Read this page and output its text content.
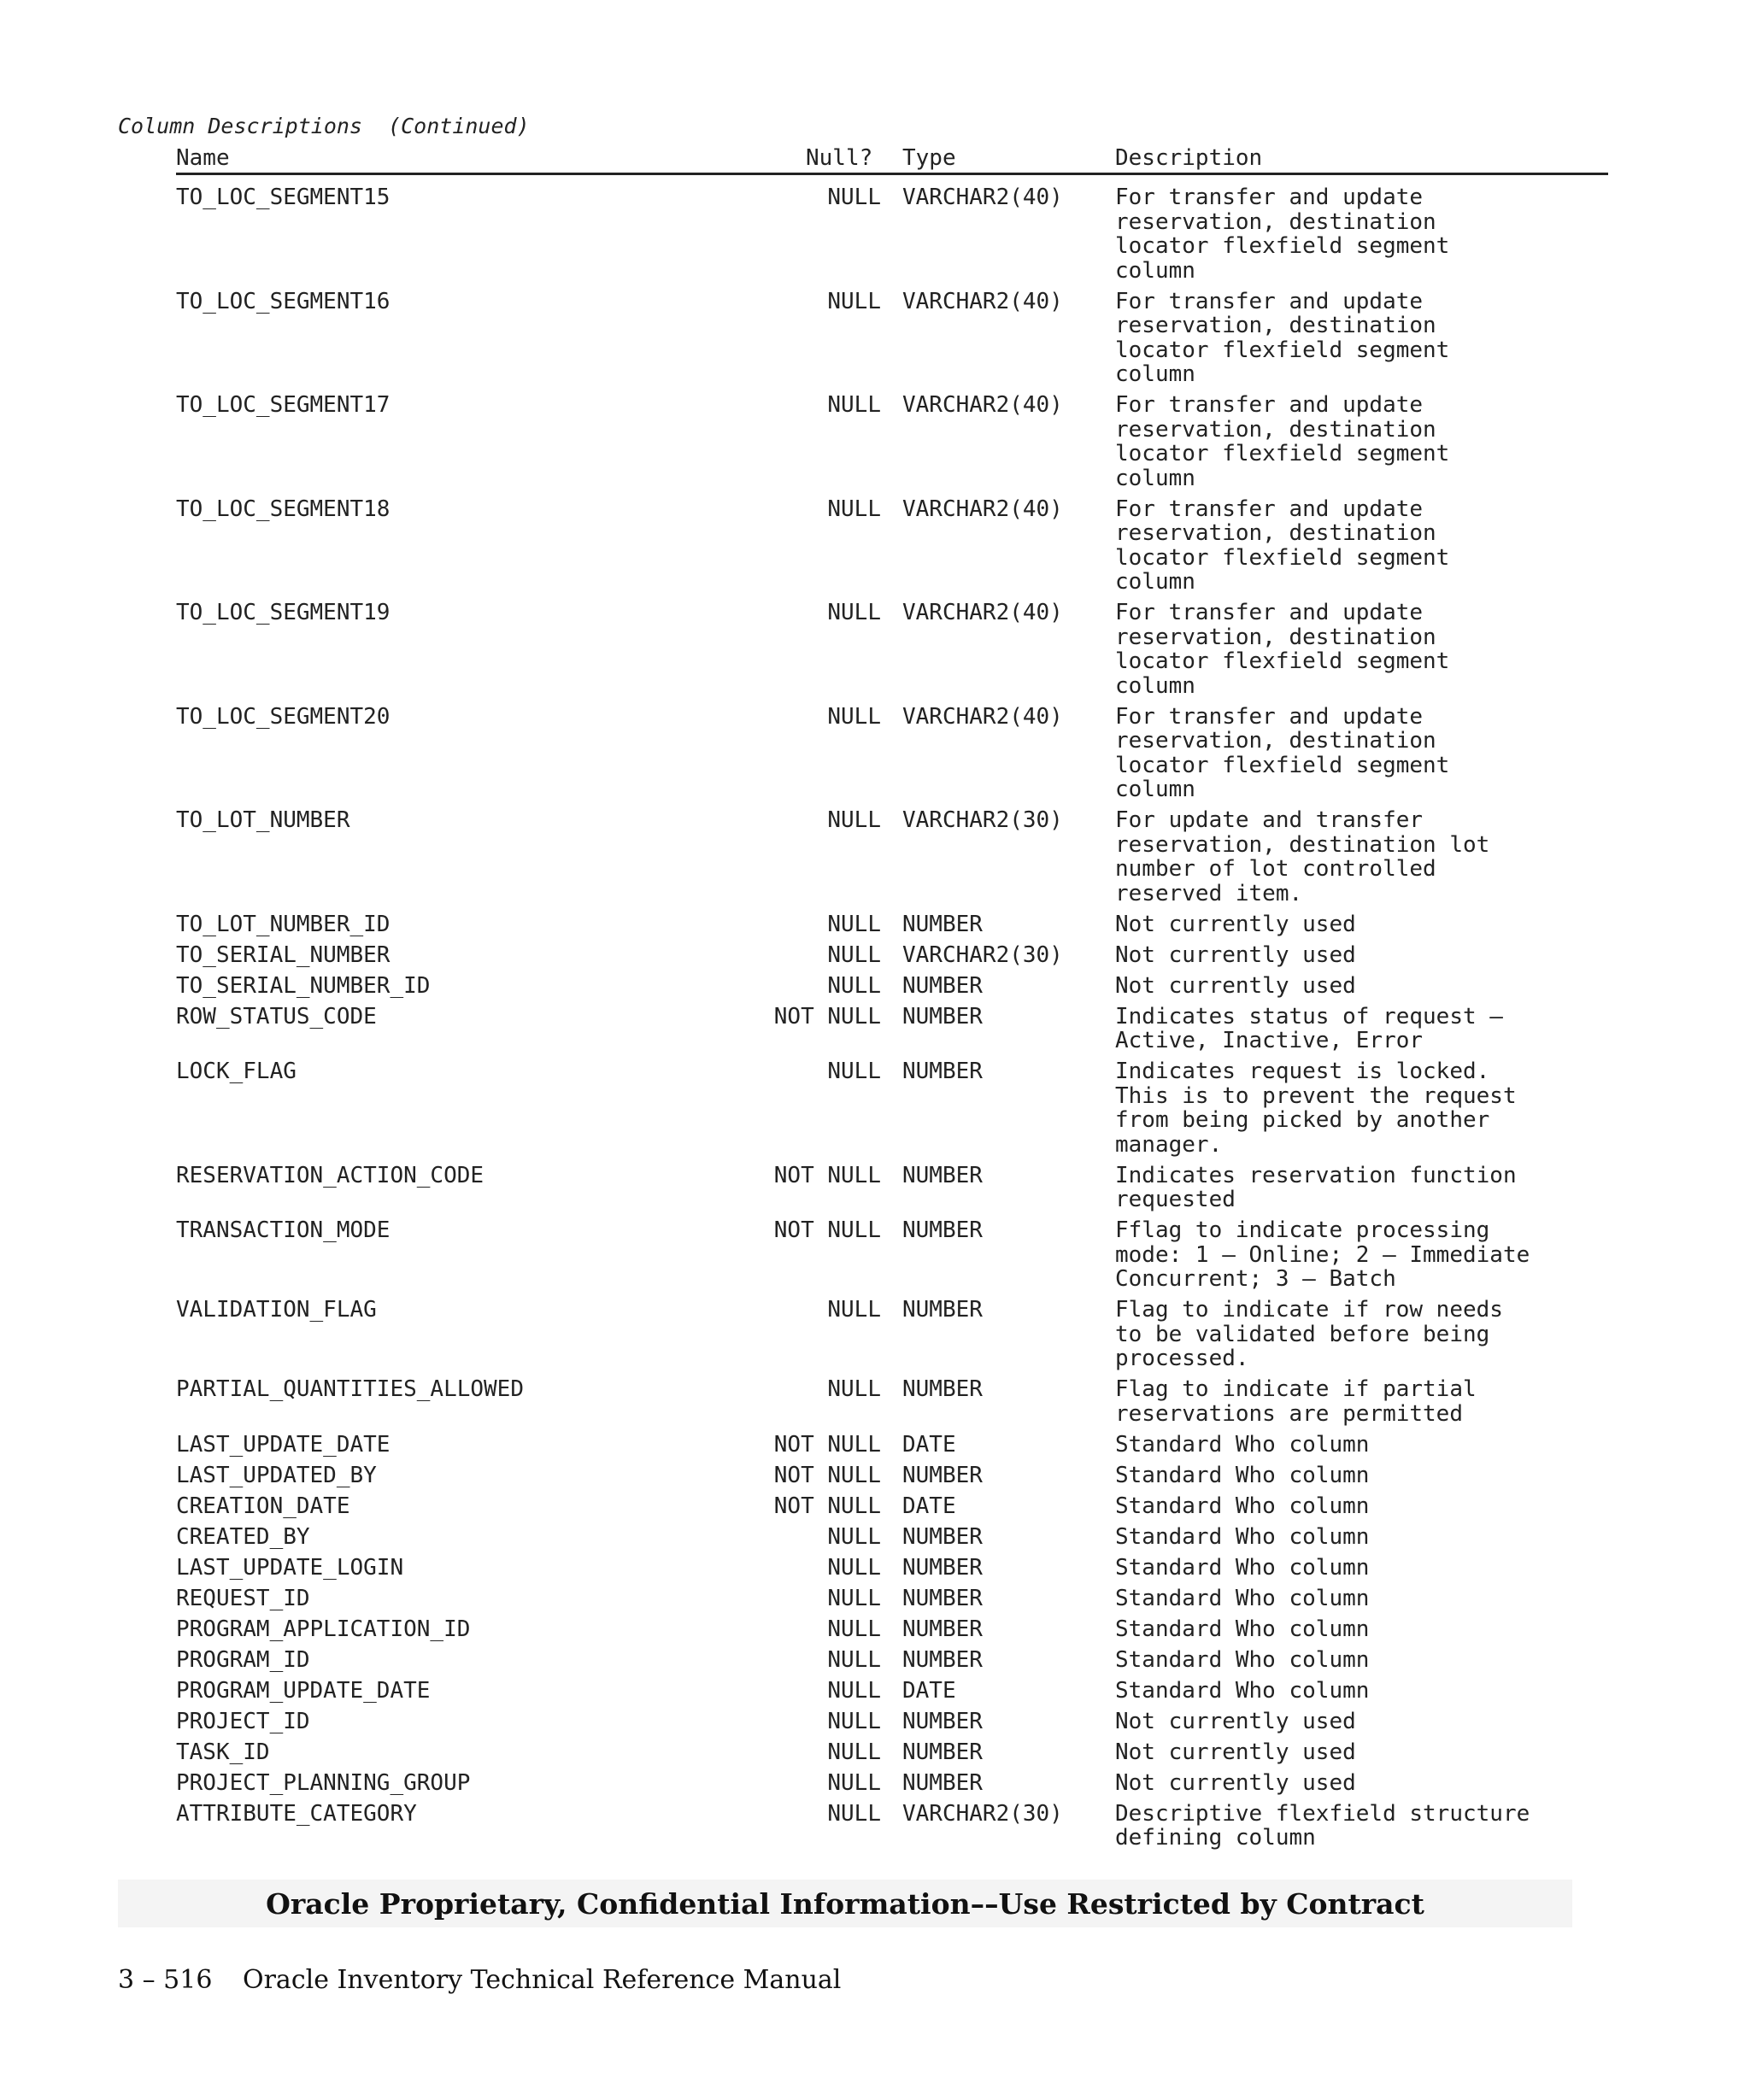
Column Descriptions  (Continued)
Name	Null? Type	Description
TO_LOC_SEGMENT15	NULL VARCHAR2(40) For transfer and update
reservation, destination
locator flexfield segment
column
TO_LOC_SEGMENT16	NULL VARCHAR2(40) For transfer and update
reservation, destination
locator flexfield segment
column
TO_LOC_SEGMENT17	NULL VARCHAR2(40) For transfer and update
reservation, destination
locator flexfield segment
column
TO_LOC_SEGMENT18	NULL VARCHAR2(40) For transfer and update
reservation, destination
locator flexfield segment
column
TO_LOC_SEGMENT19	NULL VARCHAR2(40) For transfer and update
reservation, destination
locator flexfield segment
column
TO_LOC_SEGMENT20	NULL VARCHAR2(40) For transfer and update
reservation, destination
locator flexfield segment
column
TO_LOT_NUMBER	NULL VARCHAR2(30) For update and transfer
reservation, destination lot
number of lot controlled
reserved item.
TO_LOT_NUMBER_ID	NULL NUMBER	Not currently used
TO_SERIAL_NUMBER	NULL VARCHAR2(30) Not currently used
TO_SERIAL_NUMBER_ID	NULL NUMBER	Not currently used
ROW_STATUS_CODE	NOT NULL NUMBER	Indicates status of request –
Active, Inactive, Error
LOCK_FLAG	NULL NUMBER	Indicates request is locked.
This is to prevent the request
from being picked by another
manager.
RESERVATION_ACTION_CODE	NOT NULL NUMBER	Indicates reservation function
requested
TRANSACTION_MODE	NOT NULL NUMBER	Fflag to indicate processing
mode: 1 – Online; 2 – Immediate
Concurrent; 3 – Batch
VALIDATION_FLAG	NULL NUMBER	Flag to indicate if row needs
to be validated before being
processed.
PARTIAL_QUANTITIES_ALLOWED	NULL NUMBER	Flag to indicate if partial
reservations are permitted
LAST_UPDATE_DATE	NOT NULL DATE	Standard Who column
LAST_UPDATED_BY	NOT NULL NUMBER	Standard Who column
CREATION_DATE	NOT NULL DATE	Standard Who column
CREATED_BY	NULL NUMBER	Standard Who column
LAST_UPDATE_LOGIN	NULL NUMBER	Standard Who column
REQUEST_ID	NULL NUMBER	Standard Who column
PROGRAM_APPLICATION_ID	NULL NUMBER	Standard Who column
PROGRAM_ID	NULL NUMBER	Standard Who column
PROGRAM_UPDATE_DATE	NULL DATE	Standard Who column
PROJECT_ID	NULL NUMBER	Not currently used
TASK_ID	NULL NUMBER	Not currently used
PROJECT_PLANNING_GROUP	NULL NUMBER	Not currently used
ATTRIBUTE_CATEGORY	NULL VARCHAR2(30) Descriptive flexfield structure
defining column
Oracle Proprietary, Confidential Information––Use Restricted by Contract
3 – 516 Oracle Inventory Technical Reference Manual
